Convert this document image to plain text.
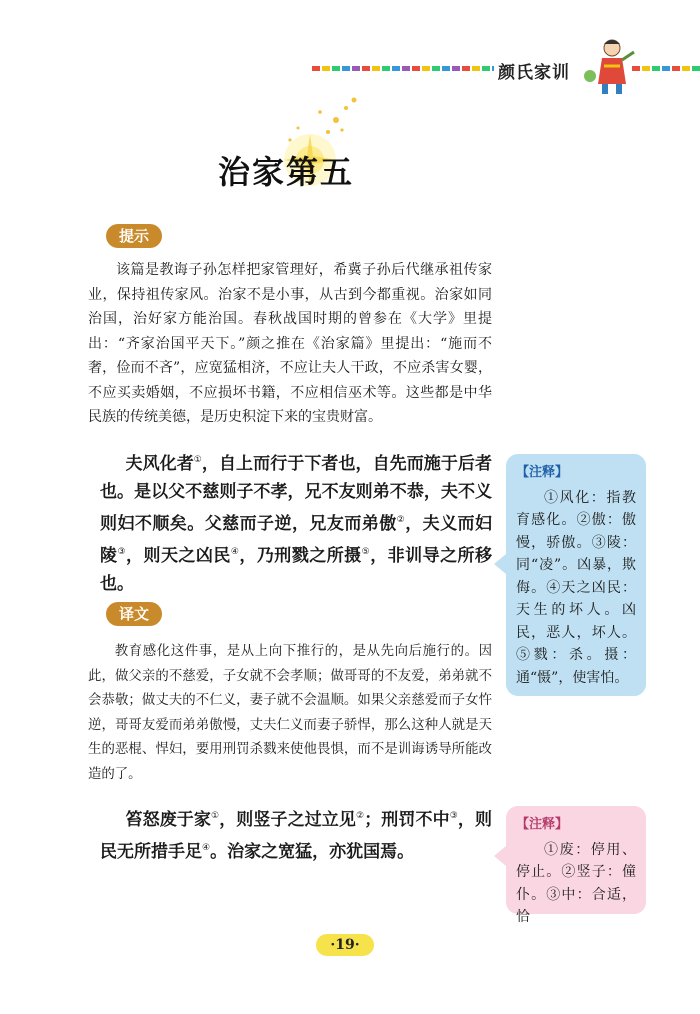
颜氏家训
治家第五
提示
该篇是教诲子孙怎样把家管理好，希冀子孙后代继承祖传家业，保持祖传家风。治家不是小事，从古到今都重视。治家如同治国，治好家方能治国。春秋战国时期的曾参在《大学》里提出：“齐家治国平天下。”颜之推在《治家篇》里提出：“施而不奢，俭而不吝”，应宽猛相济，不应让夫人干政，不应杀害女婴，不应买卖婚姻，不应损坏书籍，不应相信巫术等。这些都是中华民族的传统美德，是历史积淀下来的宝贵财富。
夫风化者①，自上而行于下者也，自先而施于后者也。是以父不慈则子不孝，兄不友则弟不恭，夫不义则妇不顺矣。父慈而子逆，兄友而弟傲②，夫义而妇陵③，则天之凶民④，乃刑戮之所摄⑤，非训导之所移也。
【注释】
①风化：指教育感化。②傲：傲慢，骄傲。③陵：同“凌”。凶暴，欺侮。④天之凶民：天生的坏人。凶民，恶人，坏人。⑤戮：杀。摄：通“慑”，使害怕。
译文
教育感化这件事，是从上向下推行的，是从先向后施行的。因此，做父亲的不慈爱，子女就不会孝顺；做哥哥的不友爱，弟弟就不会恭敬；做丈夫的不仁义，妻子就不会温顺。如果父亲慈爱而子女忤逆，哥哥友爱而弟弟傲慢，丈夫仁义而妻子骄悍，那么这种人就是天生的恶棍、悍妇，要用刑罚杀戮来使他畏惧，而不是训诲诱导所能改造的了。
笞怒废于家①，则竖子之过立见②；刑罚不中③，则民无所措手足④。治家之宽猛，亦犹国焉。
【注释】
①废：停用、停止。②竖子：僮仆。③中：合适，恰
·19·
